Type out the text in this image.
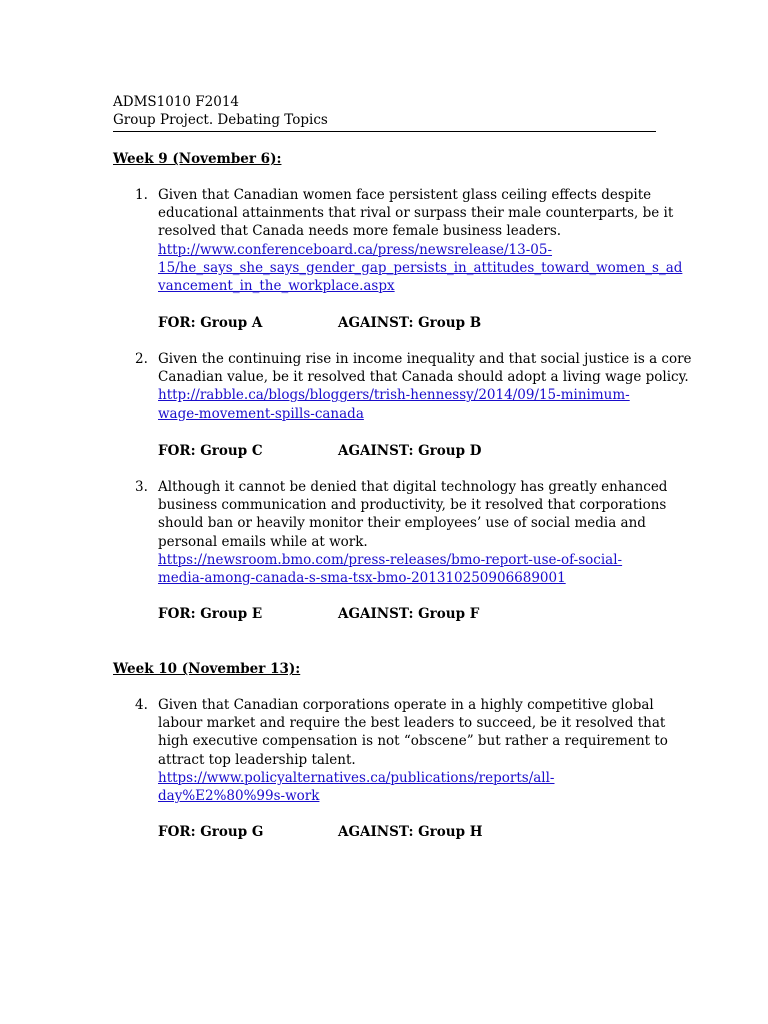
ADMS1010 F2014
Group Project. Debating Topics
Week 9 (November 6):
1. Given that Canadian women face persistent glass ceiling effects despite
educational attainments that rival or surpass their male counterparts, be it
resolved that Canada needs more female business leaders.
http://www.conferenceboard.ca/press/newsrelease/13-05-
15/he_says_she_says_gender_gap_persists_in_attitudes_toward_women_s_ad
vancement_in_the_workplace.aspx
FOR: Group A	AGAINST: Group B
2. Given the continuing rise in income inequality and that social justice is a core
Canadian value, be it resolved that Canada should adopt a living wage policy.
http://rabble.ca/blogs/bloggers/trish-hennessy/2014/09/15-minimum-
wage-movement-spills-canada
FOR: Group C	AGAINST: Group D
3. Although it cannot be denied that digital technology has greatly enhanced
business communication and productivity, be it resolved that corporations
should ban or heavily monitor their employees’ use of social media and
personal emails while at work.
https://newsroom.bmo.com/press-releases/bmo-report-use-of-social-
media-among-canada-s-sma-tsx-bmo-201310250906689001
FOR: Group E	AGAINST: Group F
Week 10 (November 13):
4. Given that Canadian corporations operate in a highly competitive global
labour market and require the best leaders to succeed, be it resolved that
high executive compensation is not “obscene” but rather a requirement to
attract top leadership talent.
https://www.policyalternatives.ca/publications/reports/all-
day%E2%80%99s-work
FOR: Group G	AGAINST: Group H
